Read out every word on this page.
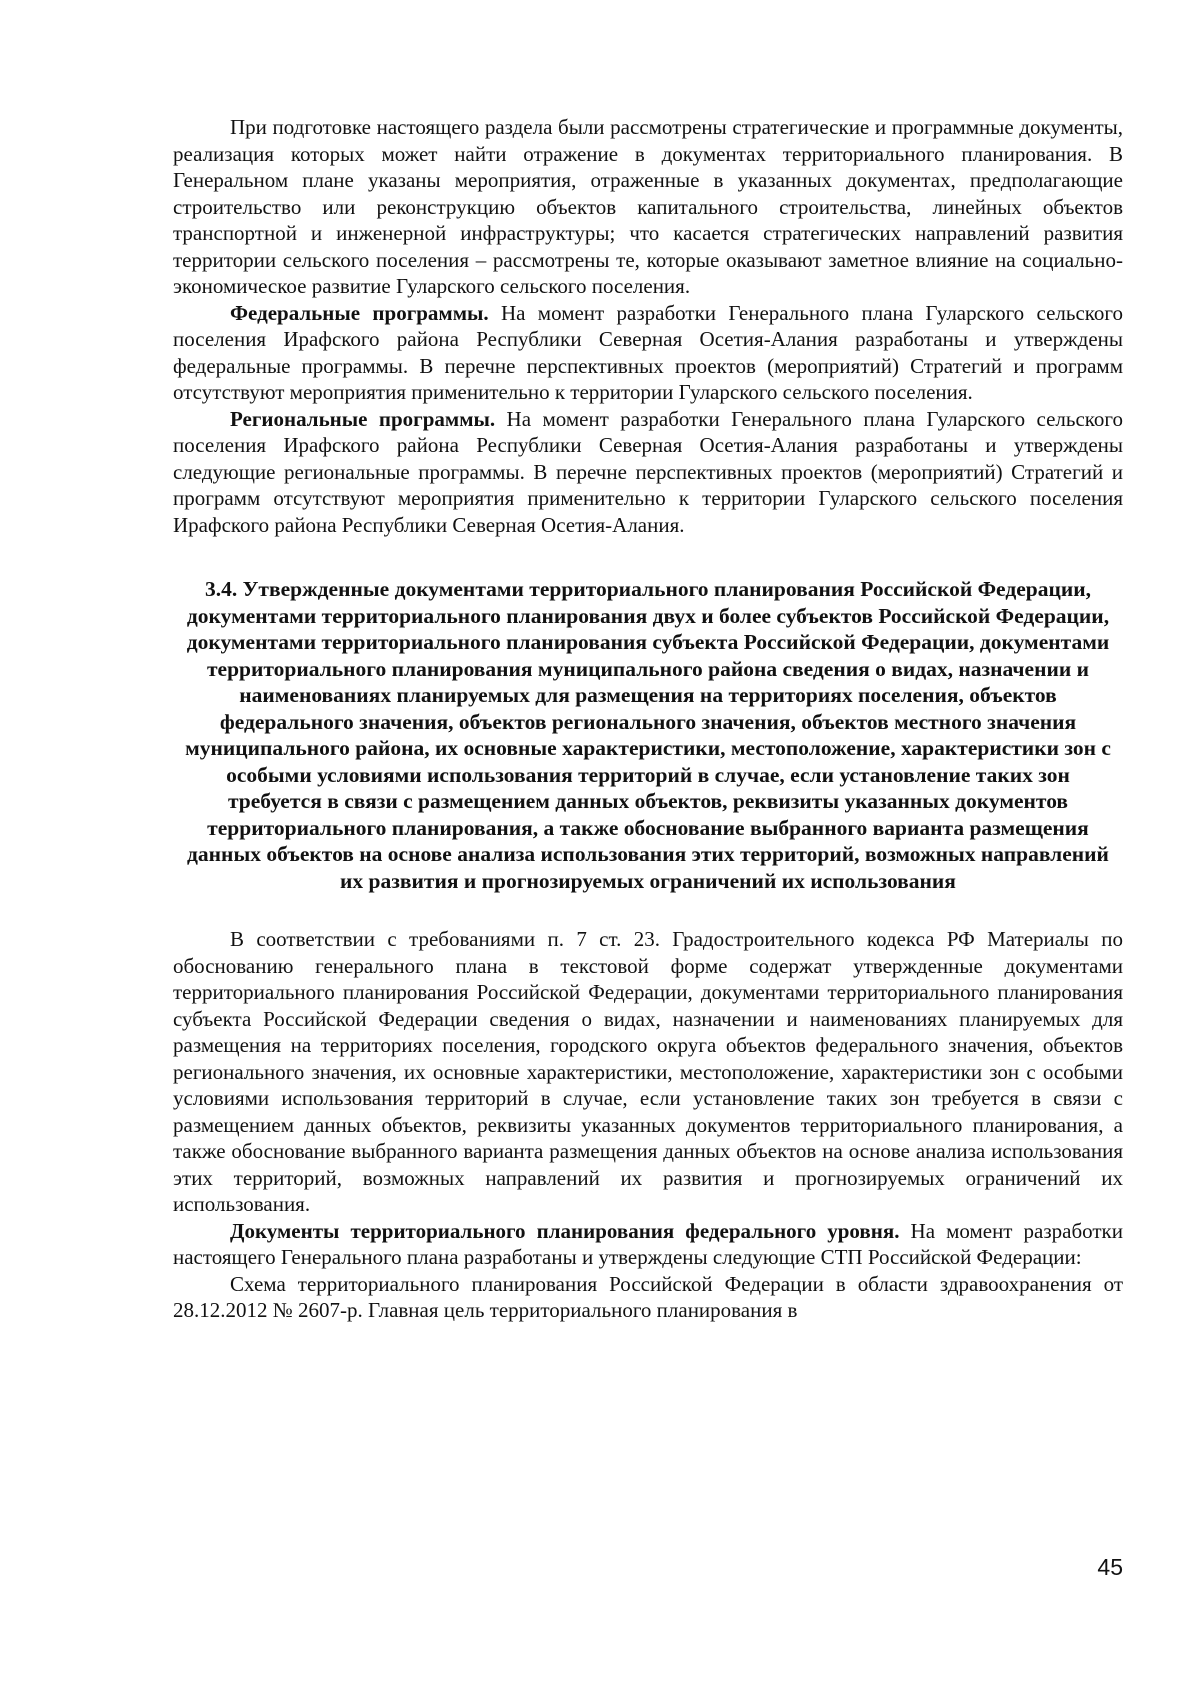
При подготовке настоящего раздела были рассмотрены стратегические и программные документы, реализация которых может найти отражение в документах территориального планирования. В Генеральном плане указаны мероприятия, отраженные в указанных документах, предполагающие строительство или реконструкцию объектов капитального строительства, линейных объектов транспортной и инженерной инфраструктуры; что касается стратегических направлений развития территории сельского поселения – рассмотрены те, которые оказывают заметное влияние на социально-экономическое развитие Гуларского сельского поселения.

Федеральные программы. На момент разработки Генерального плана Гуларского сельского поселения Ирафского района Республики Северная Осетия-Алания разработаны и утверждены федеральные программы. В перечне перспективных проектов (мероприятий) Стратегий и программ отсутствуют мероприятия применительно к территории Гуларского сельского поселения.

Региональные программы. На момент разработки Генерального плана Гуларского сельского поселения Ирафского района Республики Северная Осетия-Алания разработаны и утверждены следующие региональные программы. В перечне перспективных проектов (мероприятий) Стратегий и программ отсутствуют мероприятия применительно к территории Гуларского сельского поселения Ирафского района Республики Северная Осетия-Алания.

3.4. Утвержденные документами территориального планирования Российской Федерации, документами территориального планирования двух и более субъектов Российской Федерации, документами территориального планирования субъекта Российской Федерации, документами территориального планирования муниципального района сведения о видах, назначении и наименованиях планируемых для размещения на территориях поселения, объектов федерального значения, объектов регионального значения, объектов местного значения муниципального района, их основные характеристики, местоположение, характеристики зон с особыми условиями использования территорий в случае, если установление таких зон требуется в связи с размещением данных объектов, реквизиты указанных документов территориального планирования, а также обоснование выбранного варианта размещения данных объектов на основе анализа использования этих территорий, возможных направлений их развития и прогнозируемых ограничений их использования

В соответствии с требованиями п. 7 ст. 23. Градостроительного кодекса РФ Материалы по обоснованию генерального плана в текстовой форме содержат утвержденные документами территориального планирования Российской Федерации, документами территориального планирования субъекта Российской Федерации сведения о видах, назначении и наименованиях планируемых для размещения на территориях поселения, городского округа объектов федерального значения, объектов регионального значения, их основные характеристики, местоположение, характеристики зон с особыми условиями использования территорий в случае, если установление таких зон требуется в связи с размещением данных объектов, реквизиты указанных документов территориального планирования, а также обоснование выбранного варианта размещения данных объектов на основе анализа использования этих территорий, возможных направлений их развития и прогнозируемых ограничений их использования.

Документы территориального планирования федерального уровня. На момент разработки настоящего Генерального плана разработаны и утверждены следующие СТП Российской Федерации:

Схема территориального планирования Российской Федерации в области здравоохранения от 28.12.2012 № 2607-р. Главная цель территориального планирования в

45
